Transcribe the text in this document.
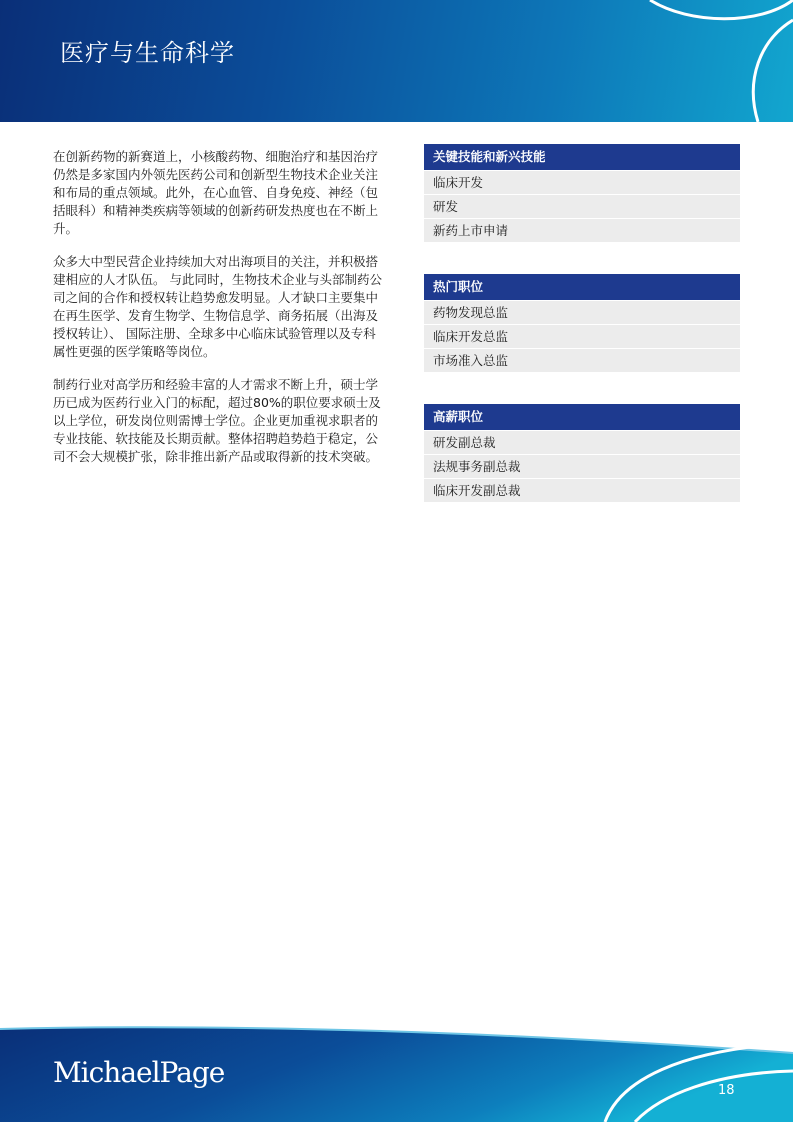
医疗与生命科学

在创新药物的新赛道上，小核酸药物、细胞治疗和基因治疗仍然是多家国内外领先医药公司和创新型生物技术企业关注和布局的重点领域。此外，在心血管、自身免疫、神经（包括眼科）和精神类疾病等领域的创新药研发热度也在不断上升。

众多大中型民营企业持续加大对出海项目的关注，并积极搭建相应的人才队伍。 与此同时，生物技术企业与头部制药公司之间的合作和授权转让趋势愈发明显。人才缺口主要集中在再生医学、发育生物学、生物信息学、商务拓展（出海及授权转让）、 国际注册、全球多中心临床试验管理以及专科属性更强的医学策略等岗位。

制药行业对高学历和经验丰富的人才需求不断上升，硕士学历已成为医药行业入门的标配，超过80%的职位要求硕士及以上学位，研发岗位则需博士学位。企业更加重视求职者的专业技能、软技能及长期贡献。整体招聘趋势趋于稳定，公司不会大规模扩张，除非推出新产品或取得新的技术突破。

关键技能和新兴技能
临床开发
研发
新药上市申请
热门职位
药物发现总监
临床开发总监
市场准入总监
高薪职位
研发副总裁
法规事务副总裁
临床开发副总裁
MichaelPage
18
